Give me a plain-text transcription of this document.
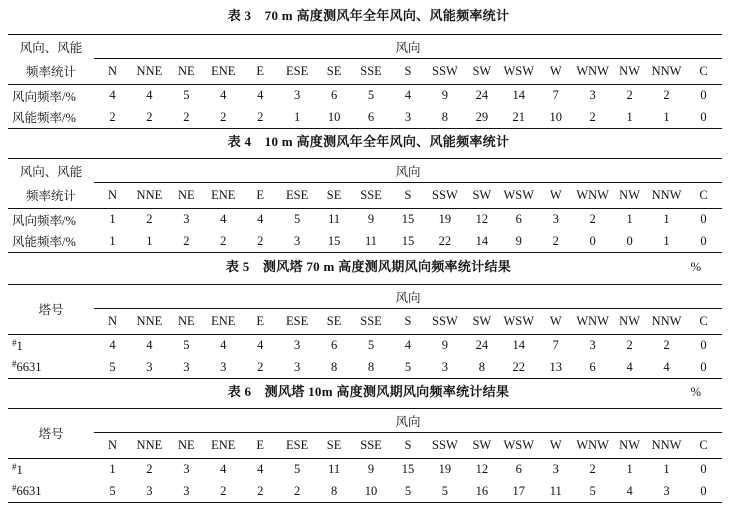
表 3　70 m 高度测风年全年风向、风能频率统计
风向、风能
频率统计	风向																
	N	NNE	NE	ENE	E	ESE	SE	SSE	S	SSW	SW	WSW	W	WNW	NW	NNW	C
风向频率/%	4	4	5	4	4	3	6	5	4	9	24	14	7	3	2	2	0
风能频率/%	2	2	2	2	2	1	10	6	3	8	29	21	10	2	1	1	0
表 4　10 m 高度测风年全年风向、风能频率统计
风向、风能
频率统计	风向																
	N	NNE	NE	ENE	E	ESE	SE	SSE	S	SSW	SW	WSW	W	WNW	NW	NNW	C
风向频率/%	1	2	3	4	4	5	11	9	15	19	12	6	3	2	1	1	0
风能频率/%	1	1	2	2	2	3	15	11	15	22	14	9	2	0	0	1	0
表 5　测风塔 70 m 高度测风期风向频率统计结果	%
塔号	风向																
	N	NNE	NE	ENE	E	ESE	SE	SSE	S	SSW	SW	WSW	W	WNW	NW	NNW	C
#1	4	4	5	4	4	3	6	5	4	9	24	14	7	3	2	2	0
#6631	5	3	3	3	2	3	8	8	5	3	8	22	13	6	4	4	0
表 6　测风塔 10m 高度测风期风向频率统计结果	%
塔号	风向																
	N	NNE	NE	ENE	E	ESE	SE	SSE	S	SSW	SW	WSW	W	WNW	NW	NNW	C
#1	1	2	3	4	4	5	11	9	15	19	12	6	3	2	1	1	0
#6631	5	3	3	2	2	2	8	10	5	5	16	17	11	5	4	3	0
